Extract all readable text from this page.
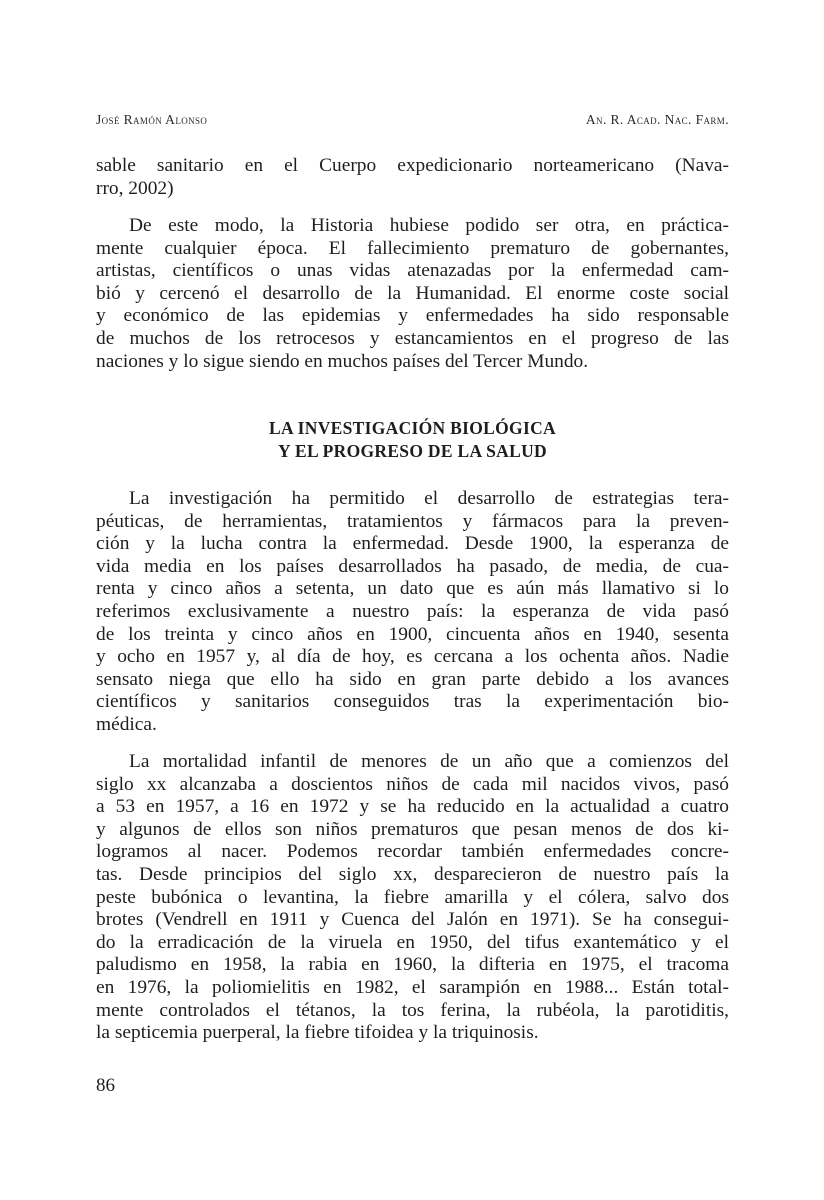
José Ramón Alonso	An. R. Acad. Nac. Farm.
sable sanitario en el Cuerpo expedicionario norteamericano (Nava-
rro, 2002)
De este modo, la Historia hubiese podido ser otra, en práctica-
mente cualquier época. El fallecimiento prematuro de gobernantes,
artistas, científicos o unas vidas atenazadas por la enfermedad cam-
bió y cercenó el desarrollo de la Humanidad. El enorme coste social
y económico de las epidemias y enfermedades ha sido responsable
de muchos de los retrocesos y estancamientos en el progreso de las
naciones y lo sigue siendo en muchos países del Tercer Mundo.
LA INVESTIGACIÓN BIOLÓGICA
Y EL PROGRESO DE LA SALUD
La investigación ha permitido el desarrollo de estrategias tera-
péuticas, de herramientas, tratamientos y fármacos para la preven-
ción y la lucha contra la enfermedad. Desde 1900, la esperanza de
vida media en los países desarrollados ha pasado, de media, de cua-
renta y cinco años a setenta, un dato que es aún más llamativo si lo
referimos exclusivamente a nuestro país: la esperanza de vida pasó
de los treinta y cinco años en 1900, cincuenta años en 1940, sesenta
y ocho en 1957 y, al día de hoy, es cercana a los ochenta años. Nadie
sensato niega que ello ha sido en gran parte debido a los avances
científicos y sanitarios conseguidos tras la experimentación bio-
médica.
La mortalidad infantil de menores de un año que a comienzos del
siglo xx alcanzaba a doscientos niños de cada mil nacidos vivos, pasó
a 53 en 1957, a 16 en 1972 y se ha reducido en la actualidad a cuatro
y algunos de ellos son niños prematuros que pesan menos de dos ki-
logramos al nacer. Podemos recordar también enfermedades concre-
tas. Desde principios del siglo xx, desparecieron de nuestro país la
peste bubónica o levantina, la fiebre amarilla y el cólera, salvo dos
brotes (Vendrell en 1911 y Cuenca del Jalón en 1971). Se ha consegui-
do la erradicación de la viruela en 1950, del tifus exantemático y el
paludismo en 1958, la rabia en 1960, la difteria en 1975, el tracoma
en 1976, la poliomielitis en 1982, el sarampión en 1988... Están total-
mente controlados el tétanos, la tos ferina, la rubéola, la parotiditis,
la septicemia puerperal, la fiebre tifoidea y la triquinosis.
86
